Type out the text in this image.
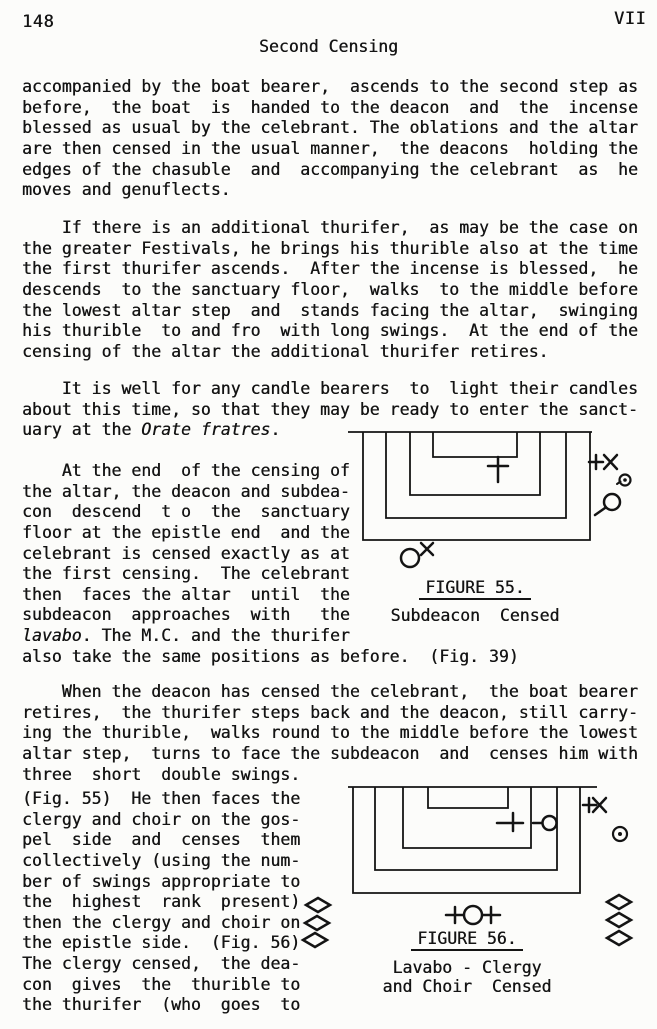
148	VII
Second Censing
accompanied by the boat bearer,  ascends to the second step as
before,  the boat  is  handed to the deacon  and  the  incense
blessed as usual by the celebrant. The oblations and the altar
are then censed in the usual manner,  the deacons  holding the
edges of the chasuble  and  accompanying the celebrant  as  he
moves and genuflects.
If there is an additional thurifer,  as may be the case on
the greater Festivals, he brings his thurible also at the time
the first thurifer ascends.  After the incense is blessed,  he
descends  to the sanctuary floor,  walks  to the middle before
the lowest altar step  and  stands facing the altar,  swinging
his thurible  to and fro  with long swings.  At the end of the
censing of the altar the additional thurifer retires.
It is well for any candle bearers  to  light their candles
about this time, so that they may be ready to enter the sanct-
uary at the Orate fratres.
At the end  of the censing of
the altar, the deacon and subdea-
con  descend  t o  the  sanctuary
floor at the epistle end  and the
celebrant is censed exactly as at
the first censing.  The celebrant
then  faces the altar  until  the
subdeacon  approaches  with   the
lavabo. The M.C. and the thurifer
also take the same positions as before.  (Fig. 39)
When the deacon has censed the celebrant,  the boat bearer
retires,  the thurifer steps back and the deacon, still carry-
ing the thurible,  walks round to the middle before the lowest
altar step,  turns to face the subdeacon  and  censes him with
three  short  double swings.
(Fig. 55)  He then faces the
clergy and choir on the gos-
pel  side  and  censes  them
collectively (using the num-
ber of swings appropriate to
the  highest  rank  present)
then the clergy and choir on
the epistle side.  (Fig. 56)
The clergy censed,  the dea-
con  gives  the  thurible to
the thurifer  (who  goes  to
FIGURE 55.
Subdeacon  Censed
FIGURE 56.
Lavabo - Clergy
and Choir  Censed
